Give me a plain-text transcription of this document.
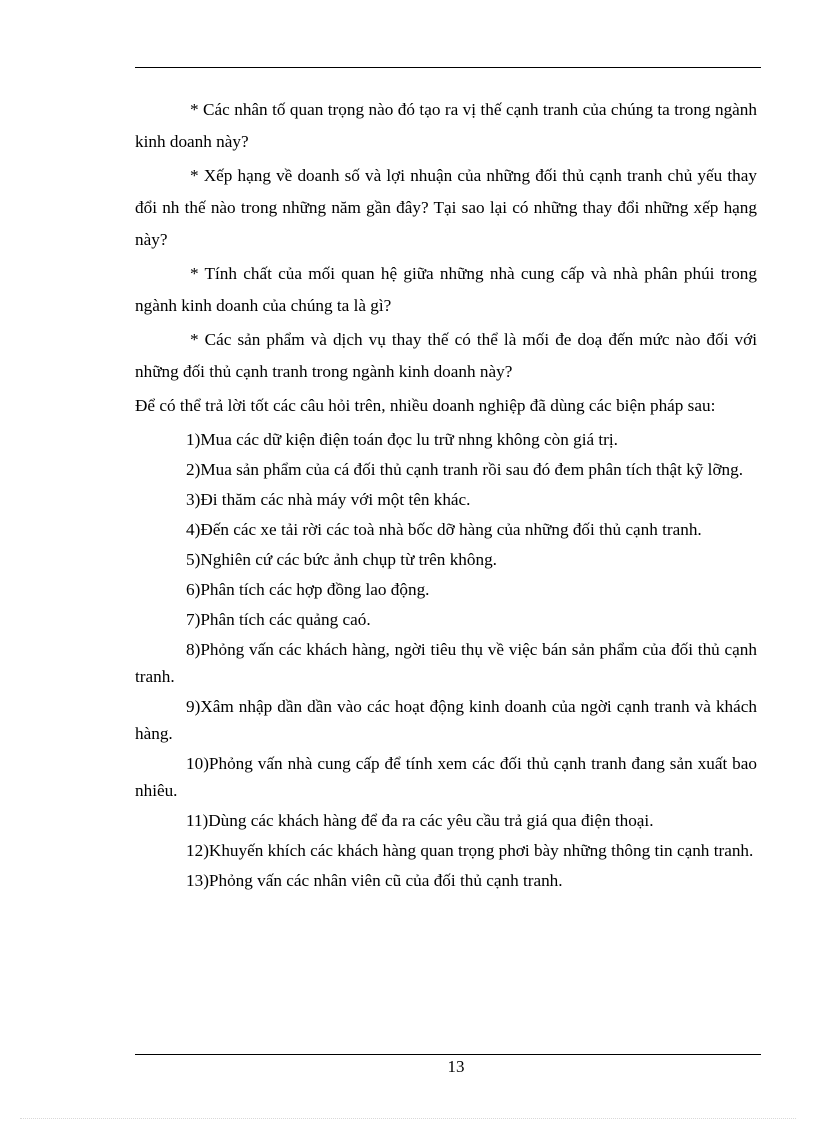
* Các nhân tố quan trọng nào đó tạo ra vị thế cạnh tranh của chúng ta trong ngành kinh doanh này?

* Xếp hạng về doanh số và lợi nhuận của những đối thủ cạnh tranh chủ yếu thay đổi nh thế nào trong những năm gần đây? Tại sao lại có những thay đổi những xếp hạng này?

* Tính chất của mối quan hệ giữa những nhà cung cấp và nhà phân phúi trong ngành kinh doanh của chúng ta là gì?

* Các sản phẩm và dịch vụ thay thế có thể là mối đe doạ đến mức nào đối với những đối thủ cạnh tranh trong ngành kinh doanh này?

Để có thể trả lời tốt các câu hỏi trên, nhiều doanh nghiệp đã dùng các biện pháp sau:

1)Mua các dữ kiện điện toán đọc lu trữ nhng không còn giá trị.

2)Mua sản phẩm của cá đối thủ cạnh tranh rồi sau đó đem phân tích thật kỹ lỡng.

3)Đi thăm các nhà máy với một tên khác.

4)Đến các xe tải rời các toà nhà bốc dỡ hàng của những đối thủ cạnh tranh.

5)Nghiên cứ các bức ảnh chụp từ trên không.

6)Phân tích các hợp đồng lao động.

7)Phân tích các quảng caó.

8)Phỏng vấn các khách hàng, ngời tiêu thụ về việc bán sản phẩm của đối thủ cạnh tranh.

9)Xâm nhập dần dần vào các hoạt động kinh doanh của ngời cạnh tranh và khách hàng.

10)Phỏng vấn nhà cung cấp để tính xem các đối thủ cạnh tranh đang sản xuất bao nhiêu.

11)Dùng các khách hàng để đa ra các yêu cầu trả giá qua điện thoại.

12)Khuyến khích các khách hàng quan trọng phơi bày những thông tin cạnh tranh.

13)Phỏng vấn các nhân viên cũ của đối thủ cạnh tranh.

13
